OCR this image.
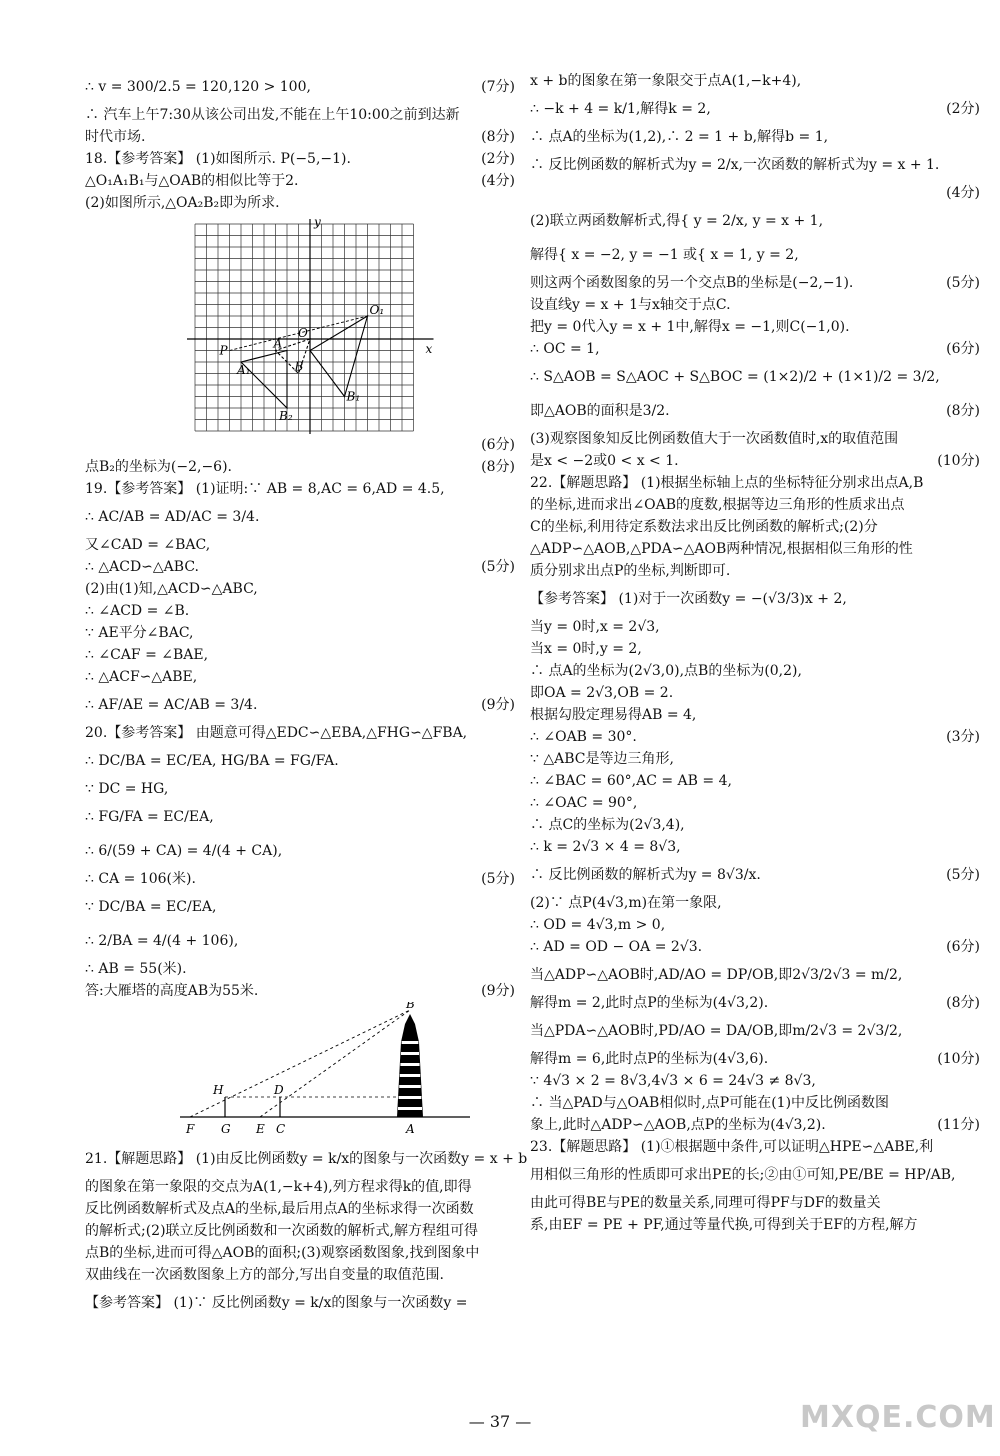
∴ v = 300/2.5 = 120,120 > 100,	(7分)
∴ 汽车上午7:30从该公司出发,不能在上午10:00之前到达新
时代市场.	(8分)
18.【参考答案】 (1)如图所示. P(−5,−1).	(2分)
△O₁A₁B₁与△OAB的相似比等于2.	(4分)
(2)如图所示,△OA₂B₂即为所求.
y
x
O
O₁
P	A
A₁	B
B₂
B₁
(6分)
点B₂的坐标为(−2,−6).	(8分)
19.【参考答案】 (1)证明:∵ AB = 8,AC = 6,AD = 4.5,
∴ AC/AB = AD/AC = 3/4.
又∠CAD = ∠BAC,
∴ △ACD∽△ABC.	(5分)
(2)由(1)知,△ACD∽△ABC,
∴ ∠ACD = ∠B.
∵ AE平分∠BAC,
∴ ∠CAF = ∠BAE,
∴ △ACF∽△ABE,
∴ AF/AE = AC/AB = 3/4.	(9分)
20.【参考答案】 由题意可得△EDC∽△EBA,△FHG∽△FBA,
∴ DC/BA = EC/EA, HG/BA = FG/FA.
∵ DC = HG,
∴ FG/FA = EC/EA,
∴ 6/(59 + CA) = 4/(4 + CA),
∴ CA = 106(米).	(5分)
∵ DC/BA = EC/EA,
∴ 2/BA = 4/(4 + 106),
∴ AB = 55(米).
答:大雁塔的高度AB为55米.	(9分)
B
H	D
F G E C	A
21.【解题思路】 (1)由反比例函数y = k/x的图象与一次函数y = x + b
的图象在第一象限的交点为A(1,−k+4),列方程求得k的值,即得
反比例函数解析式及点A的坐标,最后用点A的坐标求得一次函数
的解析式;(2)联立反比例函数和一次函数的解析式,解方程组可得
点B的坐标,进而可得△AOB的面积;(3)观察函数图象,找到图象中
双曲线在一次函数图象上方的部分,写出自变量的取值范围.
【参考答案】 (1)∵ 反比例函数y = k/x的图象与一次函数y =
x + b的图象在第一象限交于点A(1,−k+4),
∴ −k + 4 = k/1,解得k = 2,	(2分)
∴ 点A的坐标为(1,2),∴ 2 = 1 + b,解得b = 1,
∴ 反比例函数的解析式为y = 2/x,一次函数的解析式为y = x + 1.
(4分)
(2)联立两函数解析式,得{ y = 2/x, y = x + 1,
解得{ x = −2, y = −1 或{ x = 1, y = 2,
则这两个函数图象的另一个交点B的坐标是(−2,−1).	(5分)
设直线y = x + 1与x轴交于点C.
把y = 0代入y = x + 1中,解得x = −1,则C(−1,0).
∴ OC = 1,	(6分)
∴ S△AOB = S△AOC + S△BOC = (1×2)/2 + (1×1)/2 = 3/2,
即△AOB的面积是3/2.	(8分)
(3)观察图象知反比例函数值大于一次函数值时,x的取值范围
是x < −2或0 < x < 1.	(10分)
22.【解题思路】 (1)根据坐标轴上点的坐标特征分别求出点A,B
的坐标,进而求出∠OAB的度数,根据等边三角形的性质求出点
C的坐标,利用待定系数法求出反比例函数的解析式;(2)分
△ADP∽△AOB,△PDA∽△AOB两种情况,根据相似三角形的性
质分别求出点P的坐标,判断即可.
【参考答案】 (1)对于一次函数y = −(√3/3)x + 2,
当y = 0时,x = 2√3,
当x = 0时,y = 2,
∴ 点A的坐标为(2√3,0),点B的坐标为(0,2),
即OA = 2√3,OB = 2.
根据勾股定理易得AB = 4,
∴ ∠OAB = 30°.	(3分)
∵ △ABC是等边三角形,
∴ ∠BAC = 60°,AC = AB = 4,
∴ ∠OAC = 90°,
∴ 点C的坐标为(2√3,4),
∴ k = 2√3 × 4 = 8√3,
∴ 反比例函数的解析式为y = 8√3/x.	(5分)
(2)∵ 点P(4√3,m)在第一象限,
∴ OD = 4√3,m > 0,
∴ AD = OD − OA = 2√3.	(6分)
当△ADP∽△AOB时,AD/AO = DP/OB,即2√3/2√3 = m/2,
解得m = 2,此时点P的坐标为(4√3,2).	(8分)
当△PDA∽△AOB时,PD/AO = DA/OB,即m/2√3 = 2√3/2,
解得m = 6,此时点P的坐标为(4√3,6).	(10分)
∵ 4√3 × 2 = 8√3,4√3 × 6 = 24√3 ≠ 8√3,
∴ 当△PAD与△OAB相似时,点P可能在(1)中反比例函数图
象上,此时△ADP∽△AOB,点P的坐标为(4√3,2).	(11分)
23.【解题思路】 (1)①根据题中条件,可以证明△HPE∽△ABE,利
用相似三角形的性质即可求出PE的长;②由①可知,PE/BE = HP/AB,
由此可得BE与PE的数量关系,同理可得PF与DF的数量关
系,由EF = PE + PF,通过等量代换,可得到关于EF的方程,解方
— 37 —	MXQE.COM
